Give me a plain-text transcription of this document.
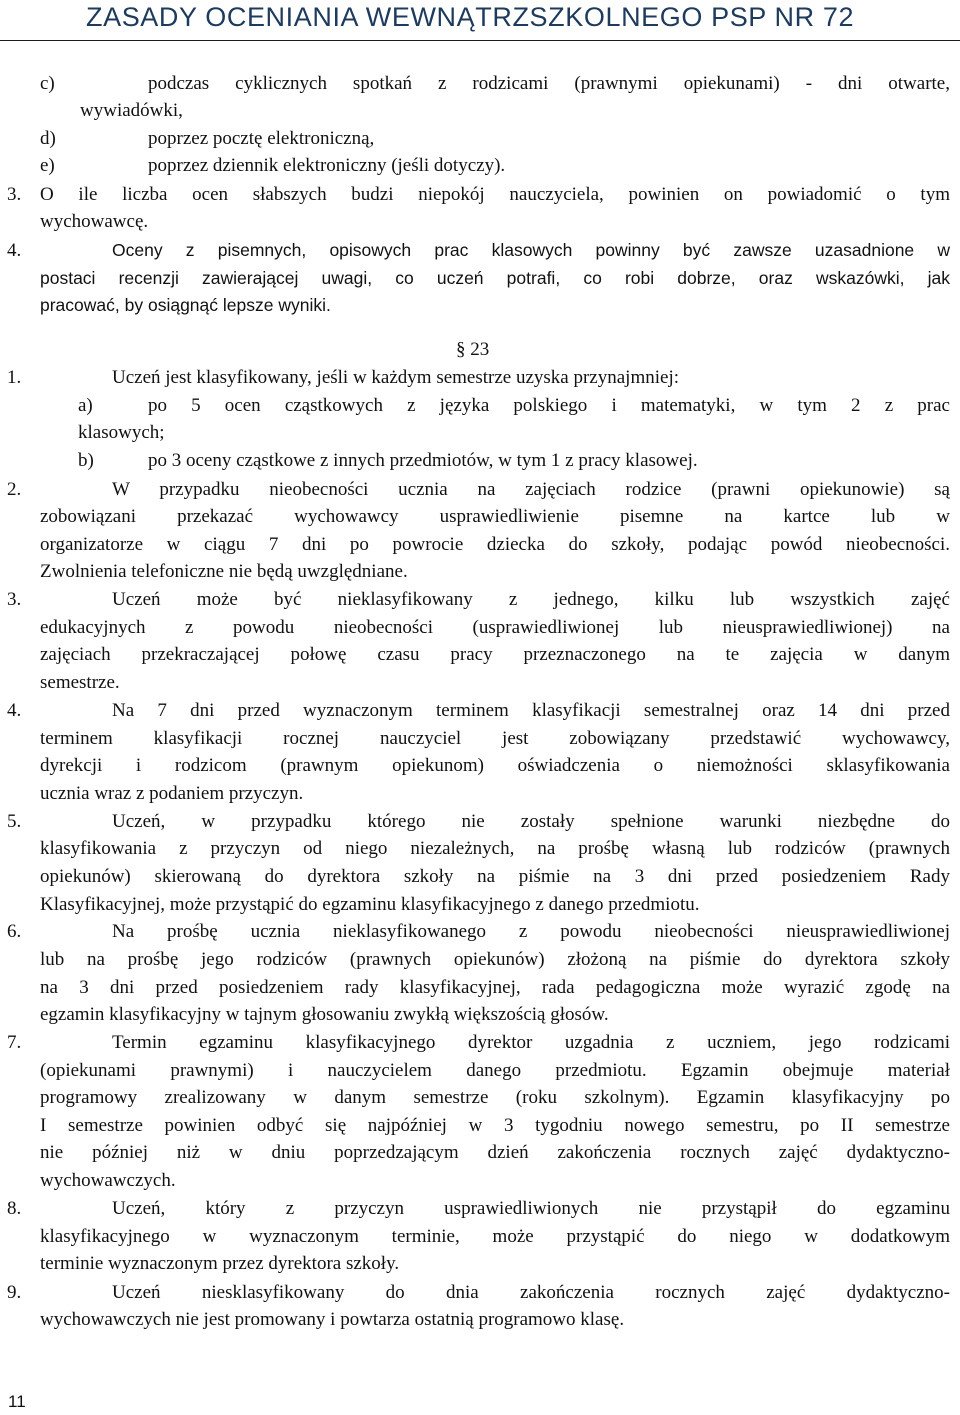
ZASADY OCENIANIA WEWNĄTRZSZKOLNEGO PSP NR 72
c)	podczas cyklicznych spotkań z rodzicami (prawnymi opiekunami) - dni otwarte,
wywiadówki,
d)	poprzez pocztę elektroniczną,
e)	poprzez dziennik elektroniczny (jeśli dotyczy).
3. O ile liczba ocen słabszych budzi niepokój nauczyciela, powinien on powiadomić o tym
wychowawcę.
4.	Oceny z pisemnych, opisowych prac klasowych powinny być zawsze uzasadnione w
postaci recenzji zawierającej uwagi, co uczeń potrafi, co robi dobrze, oraz wskazówki, jak
pracować, by osiągnąć lepsze wyniki.
§ 23
1.	Uczeń jest klasyfikowany, jeśli w każdym semestrze uzyska przynajmniej:
a)	po 5 ocen cząstkowych z języka polskiego i matematyki, w tym 2 z prac
klasowych;
b)	po 3 oceny cząstkowe z innych przedmiotów, w tym 1 z pracy klasowej.
2.	W przypadku nieobecności ucznia na zajęciach rodzice (prawni opiekunowie) są
zobowiązani przekazać wychowawcy usprawiedliwienie pisemne na kartce lub w
organizatorze w ciągu 7 dni po powrocie dziecka do szkoły, podając powód nieobecności.
Zwolnienia telefoniczne nie będą uwzględniane.
3.	Uczeń może być nieklasyfikowany z jednego, kilku lub wszystkich zajęć
edukacyjnych z powodu nieobecności (usprawiedliwionej lub nieusprawiedliwionej) na
zajęciach przekraczającej połowę czasu pracy przeznaczonego na te zajęcia w danym
semestrze.
4.	Na 7 dni przed wyznaczonym terminem klasyfikacji semestralnej oraz 14 dni przed
terminem klasyfikacji rocznej nauczyciel jest zobowiązany przedstawić wychowawcy,
dyrekcji i rodzicom (prawnym opiekunom) oświadczenia o niemożności sklasyfikowania
ucznia wraz z podaniem przyczyn.
5.	Uczeń, w przypadku którego nie zostały spełnione warunki niezbędne do
klasyfikowania z przyczyn od niego niezależnych, na prośbę własną lub rodziców (prawnych
opiekunów) skierowaną do dyrektora szkoły na piśmie na 3 dni przed posiedzeniem Rady
Klasyfikacyjnej, może przystąpić do egzaminu klasyfikacyjnego z danego przedmiotu.
6.	Na prośbę ucznia nieklasyfikowanego z powodu nieobecności nieusprawiedliwionej
lub na prośbę jego rodziców (prawnych opiekunów) złożoną na piśmie do dyrektora szkoły
na 3 dni przed posiedzeniem rady klasyfikacyjnej, rada pedagogiczna może wyrazić zgodę na
egzamin klasyfikacyjny w tajnym głosowaniu zwykłą większością głosów.
7.	Termin egzaminu klasyfikacyjnego dyrektor uzgadnia z uczniem, jego rodzicami
(opiekunami prawnymi) i nauczycielem danego przedmiotu. Egzamin obejmuje materiał
programowy zrealizowany w danym semestrze (roku szkolnym). Egzamin klasyfikacyjny po
I semestrze powinien odbyć się najpóźniej w 3 tygodniu nowego semestru, po II semestrze
nie później niż w dniu poprzedzającym dzień zakończenia rocznych zajęć dydaktyczno-
wychowawczych.
8.	Uczeń, który z przyczyn usprawiedliwionych nie przystąpił do egzaminu
klasyfikacyjnego w wyznaczonym terminie, może przystąpić do niego w dodatkowym
terminie wyznaczonym przez dyrektora szkoły.
9.	Uczeń niesklasyfikowany do dnia zakończenia rocznych zajęć dydaktyczno-
wychowawczych nie jest promowany i powtarza ostatnią programowo klasę.
11
